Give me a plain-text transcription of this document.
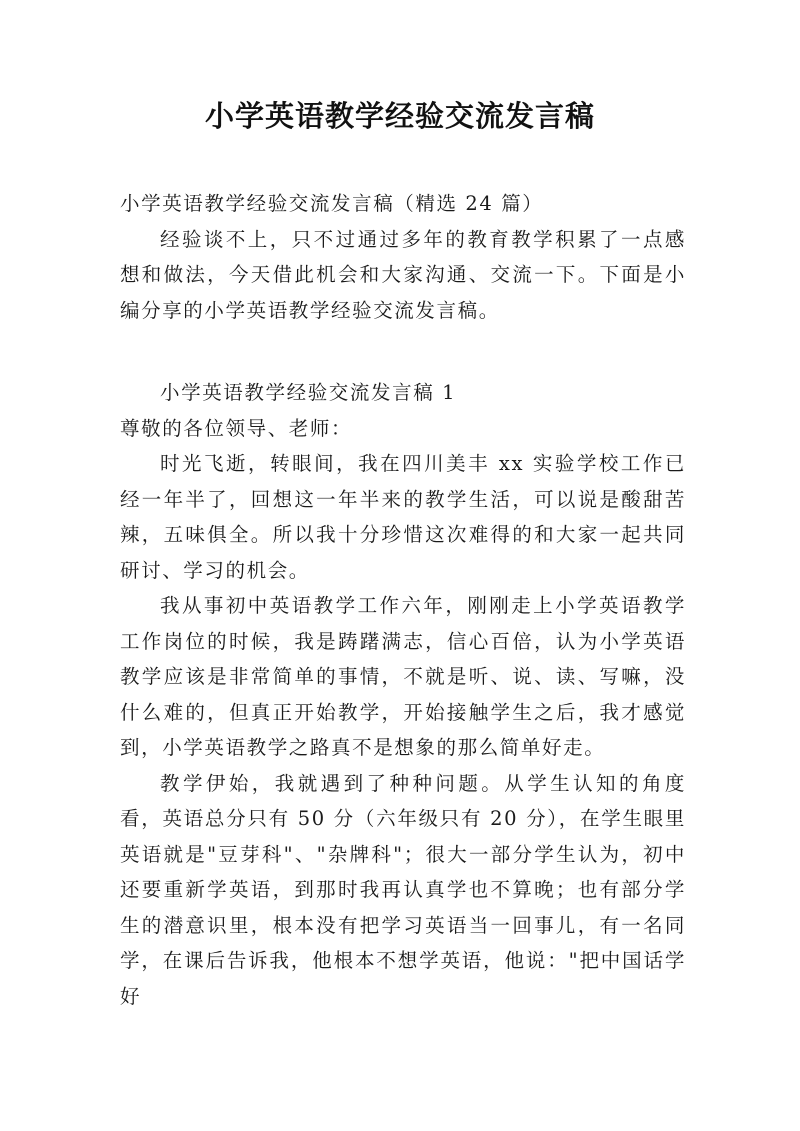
小学英语教学经验交流发言稿

小学英语教学经验交流发言稿（精选 24 篇）

经验谈不上，只不过通过多年的教育教学积累了一点感想和做法，今天借此机会和大家沟通、交流一下。下面是小编分享的小学英语教学经验交流发言稿。

小学英语教学经验交流发言稿 1

尊敬的各位领导、老师：

时光飞逝，转眼间，我在四川美丰 xx 实验学校工作已经一年半了，回想这一年半来的教学生活，可以说是酸甜苦辣，五味俱全。所以我十分珍惜这次难得的和大家一起共同研讨、学习的机会。

我从事初中英语教学工作六年，刚刚走上小学英语教学工作岗位的时候，我是踌躇满志，信心百倍，认为小学英语教学应该是非常简单的事情，不就是听、说、读、写嘛，没什么难的，但真正开始教学，开始接触学生之后，我才感觉到，小学英语教学之路真不是想象的那么简单好走。

教学伊始，我就遇到了种种问题。从学生认知的角度看，英语总分只有 50 分（六年级只有 20 分），在学生眼里英语就是"豆芽科"、"杂牌科"；很大一部分学生认为，初中还要重新学英语，到那时我再认真学也不算晚；也有部分学生的潜意识里，根本没有把学习英语当一回事儿，有一名同学，在课后告诉我，他根本不想学英语，他说："把中国话学好
